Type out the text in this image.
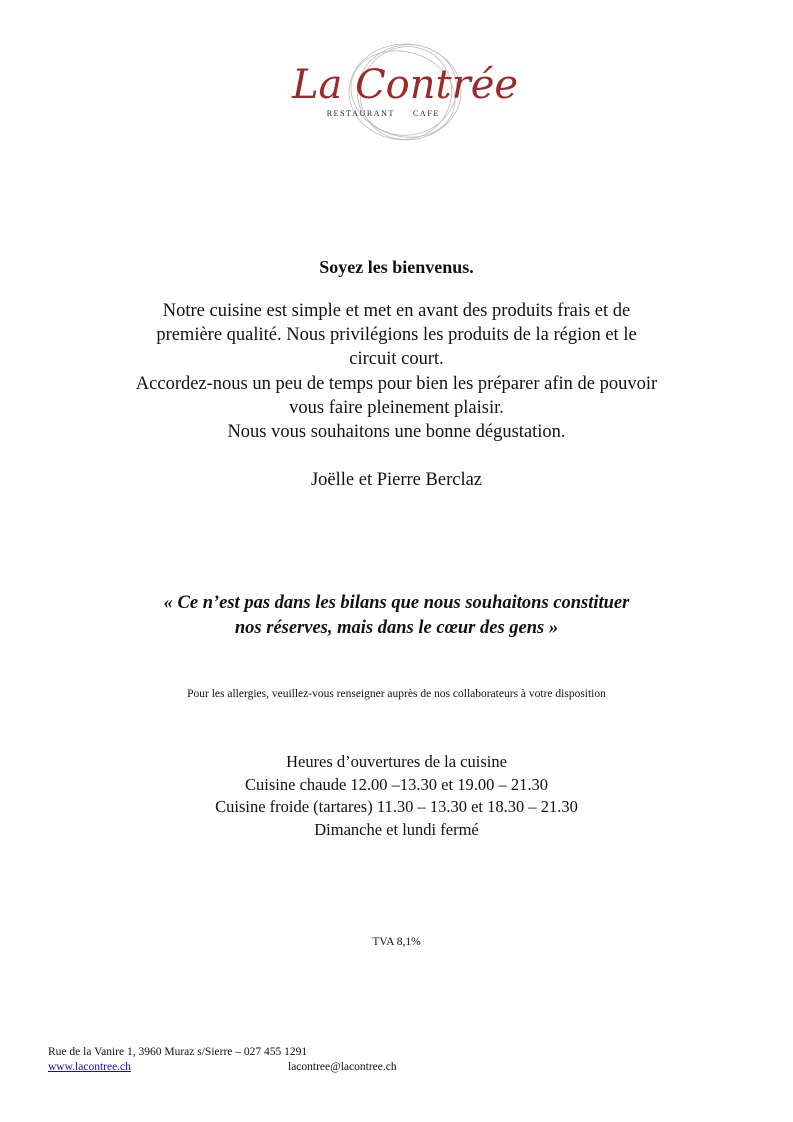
La Contrée
RESTAURANT CAFE
Soyez les bienvenus.
Notre cuisine est simple et met en avant des produits frais et de
première qualité. Nous privilégions les produits de la région et le
circuit court.
Accordez-nous un peu de temps pour bien les préparer afin de pouvoir
vous faire pleinement plaisir.
Nous vous souhaitons une bonne dégustation.
Joëlle et Pierre Berclaz
« Ce n’est pas dans les bilans que nous souhaitons constituer
nos réserves, mais dans le cœur des gens »
Pour les allergies, veuillez-vous renseigner auprès de nos collaborateurs à votre disposition
Heures d’ouvertures de la cuisine
Cuisine chaude 12.00 –13.30 et 19.00 – 21.30
Cuisine froide (tartares) 11.30 – 13.30 et 18.30 – 21.30
Dimanche et lundi fermé
TVA 8,1%
Rue de la Vanire 1, 3960 Muraz s/Sierre – 027 455 1291
www.lacontree.ch	lacontree@lacontree.ch
